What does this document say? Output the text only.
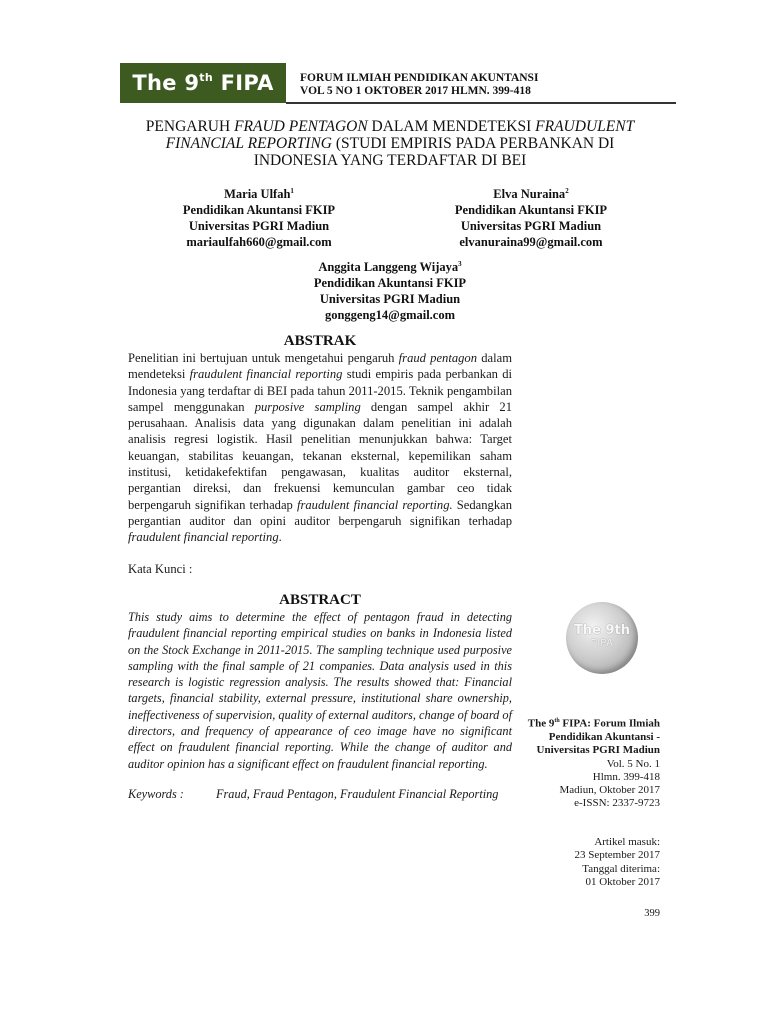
The 9th FIPA	FORUM ILMIAH PENDIDIKAN AKUNTANSI
VOL 5 NO 1 OKTOBER 2017 HLMN. 399-418
PENGARUH FRAUD PENTAGON DALAM MENDETEKSI FRAUDULENT FINANCIAL REPORTING (STUDI EMPIRIS PADA PERBANKAN DI INDONESIA YANG TERDAFTAR DI BEI
Maria Ulfah$^1$
Pendidikan Akuntansi FKIP
Universitas PGRI Madiun
mariaulfah660@gmail.com
Elva Nuraina$^2$
Pendidikan Akuntansi FKIP
Universitas PGRI Madiun
elvanuraina99@gmail.com
Anggita Langgeng Wijaya$^3$
Pendidikan Akuntansi FKIP
Universitas PGRI Madiun
gonggeng14@gmail.com
ABSTRAK
Penelitian ini bertujuan untuk mengetahui pengaruh fraud pentagon dalam mendeteksi fraudulent financial reporting studi empiris pada perbankan di Indonesia yang terdaftar di BEI pada tahun 2011-2015. Teknik pengambilan sampel menggunakan purposive sampling dengan sampel akhir 21 perusahaan. Analisis data yang digunakan dalam penelitian ini adalah analisis regresi logistik. Hasil penelitian menunjukkan bahwa: Target keuangan, stabilitas keuangan, tekanan eksternal, kepemilikan saham institusi, ketidakefektifan pengawasan, kualitas auditor eksternal, pergantian direksi, dan frekuensi kemunculan gambar ceo tidak berpengaruh signifikan terhadap fraudulent financial reporting. Sedangkan pergantian auditor dan opini auditor berpengaruh signifikan terhadap fraudulent financial reporting.
Kata Kunci :
ABSTRACT
This study aims to determine the effect of pentagon fraud in detecting fraudulent financial reporting empirical studies on banks in Indonesia listed on the Stock Exchange in 2011-2015. The sampling technique used purposive sampling with the final sample of 21 companies. Data analysis used in this research is logistic regression analysis. The results showed that: Financial targets, financial stability, external pressure, institutional share ownership, ineffectiveness of supervision, quality of external auditors, change of board of directors, and frequency of appearance of ceo image have no significant effect on fraudulent financial reporting. While the change of auditor and auditor opinion has a significant effect on fraudulent financial reporting.
Keywords :	Fraud, Fraud Pentagon, Fraudulent Financial Reporting
The 9th
FIPA
The 9th FIPA: Forum Ilmiah Pendidikan Akuntansi - Universitas PGRI Madiun
Vol. 5 No. 1
Hlmn. 399-418
Madiun, Oktober 2017
e-ISSN: 2337-9723
Artikel masuk:
23 September 2017
Tanggal diterima:
01 Oktober 2017
399
